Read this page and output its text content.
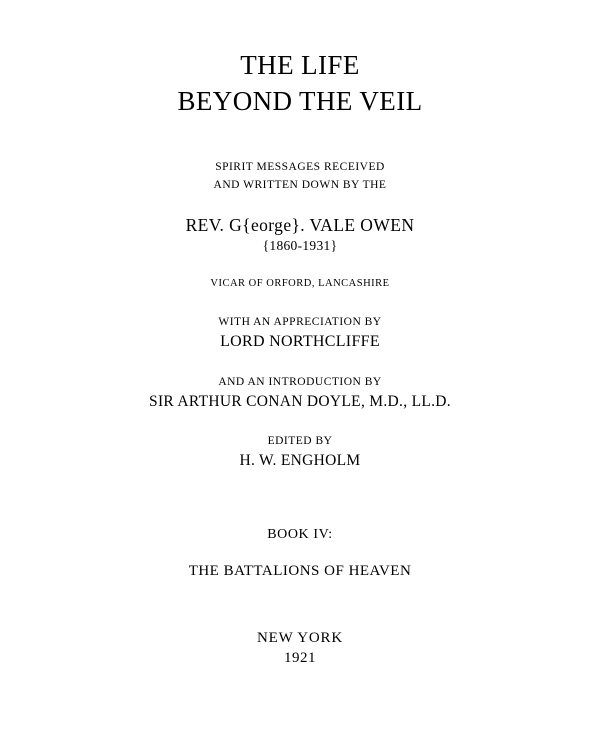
THE LIFE
BEYOND THE VEIL
SPIRIT MESSAGES RECEIVED
AND WRITTEN DOWN BY THE
REV. G{eorge}. VALE OWEN
{1860-1931}
VICAR OF ORFORD, LANCASHIRE
WITH AN APPRECIATION BY
LORD NORTHCLIFFE
AND AN INTRODUCTION BY
SIR ARTHUR CONAN DOYLE, M.D., LL.D.
EDITED BY
H. W. ENGHOLM
BOOK IV:
THE BATTALIONS OF HEAVEN
NEW YORK
1921
